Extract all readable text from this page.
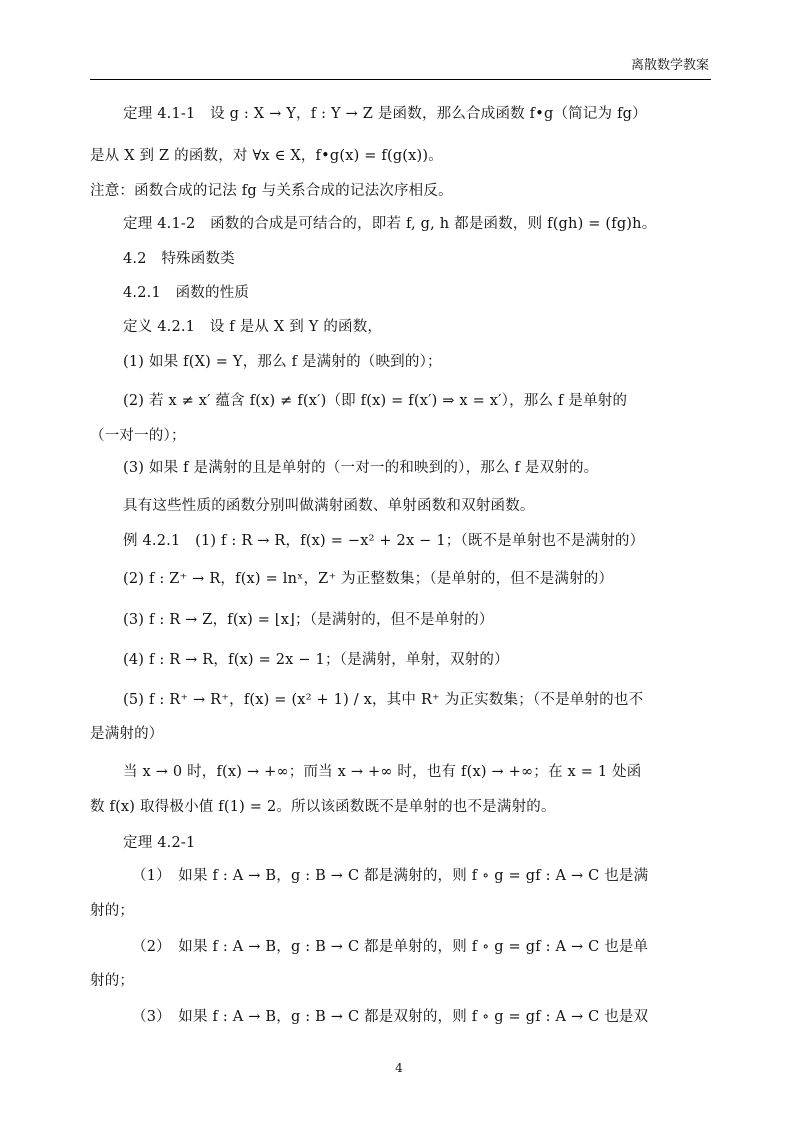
离散数学教案
定理 4.1-1　设 g : X → Y，f : Y → Z 是函数，那么合成函数 f•g（简记为 fg）
是从 X 到 Z 的函数，对 ∀x ∈ X，f•g(x) = f(g(x))。
注意：函数合成的记法 fg 与关系合成的记法次序相反。
定理 4.1-2　函数的合成是可结合的，即若 f, g, h 都是函数，则 f(gh) = (fg)h。
4.2　特殊函数类
4.2.1　函数的性质
定义 4.2.1　设 f 是从 X 到 Y 的函数，
(1) 如果 f(X) = Y，那么 f 是满射的（映到的）；
(2) 若 x ≠ x′ 蕴含 f(x) ≠ f(x′)（即 f(x) = f(x′) ⇒ x = x′），那么 f 是单射的
（一对一的）；
(3) 如果 f 是满射的且是单射的（一对一的和映到的），那么 f 是双射的。
具有这些性质的函数分别叫做满射函数、单射函数和双射函数。
例 4.2.1　(1) f : R → R，f(x) = −x² + 2x − 1；（既不是单射也不是满射的）
(2) f : Z⁺ → R，f(x) = lnˣ，Z⁺ 为正整数集；（是单射的，但不是满射的）
(3) f : R → Z，f(x) = ⌊x⌋；（是满射的，但不是单射的）
(4) f : R → R，f(x) = 2x − 1；（是满射，单射，双射的）
(5) f : R⁺ → R⁺，f(x) = (x² + 1) / x，其中 R⁺ 为正实数集；（不是单射的也不
是满射的）
当 x → 0 时，f(x) → +∞；而当 x → +∞ 时，也有 f(x) → +∞；在 x = 1 处函
数 f(x) 取得极小值 f(1) = 2。所以该函数既不是单射的也不是满射的。
定理 4.2-1
（1）　如果 f : A → B，g : B → C 都是满射的，则 f ∘ g = gf : A → C 也是满
射的；
（2）　如果 f : A → B，g : B → C 都是单射的，则 f ∘ g = gf : A → C 也是单
射的；
（3）　如果 f : A → B，g : B → C 都是双射的，则 f ∘ g = gf : A → C 也是双
4
